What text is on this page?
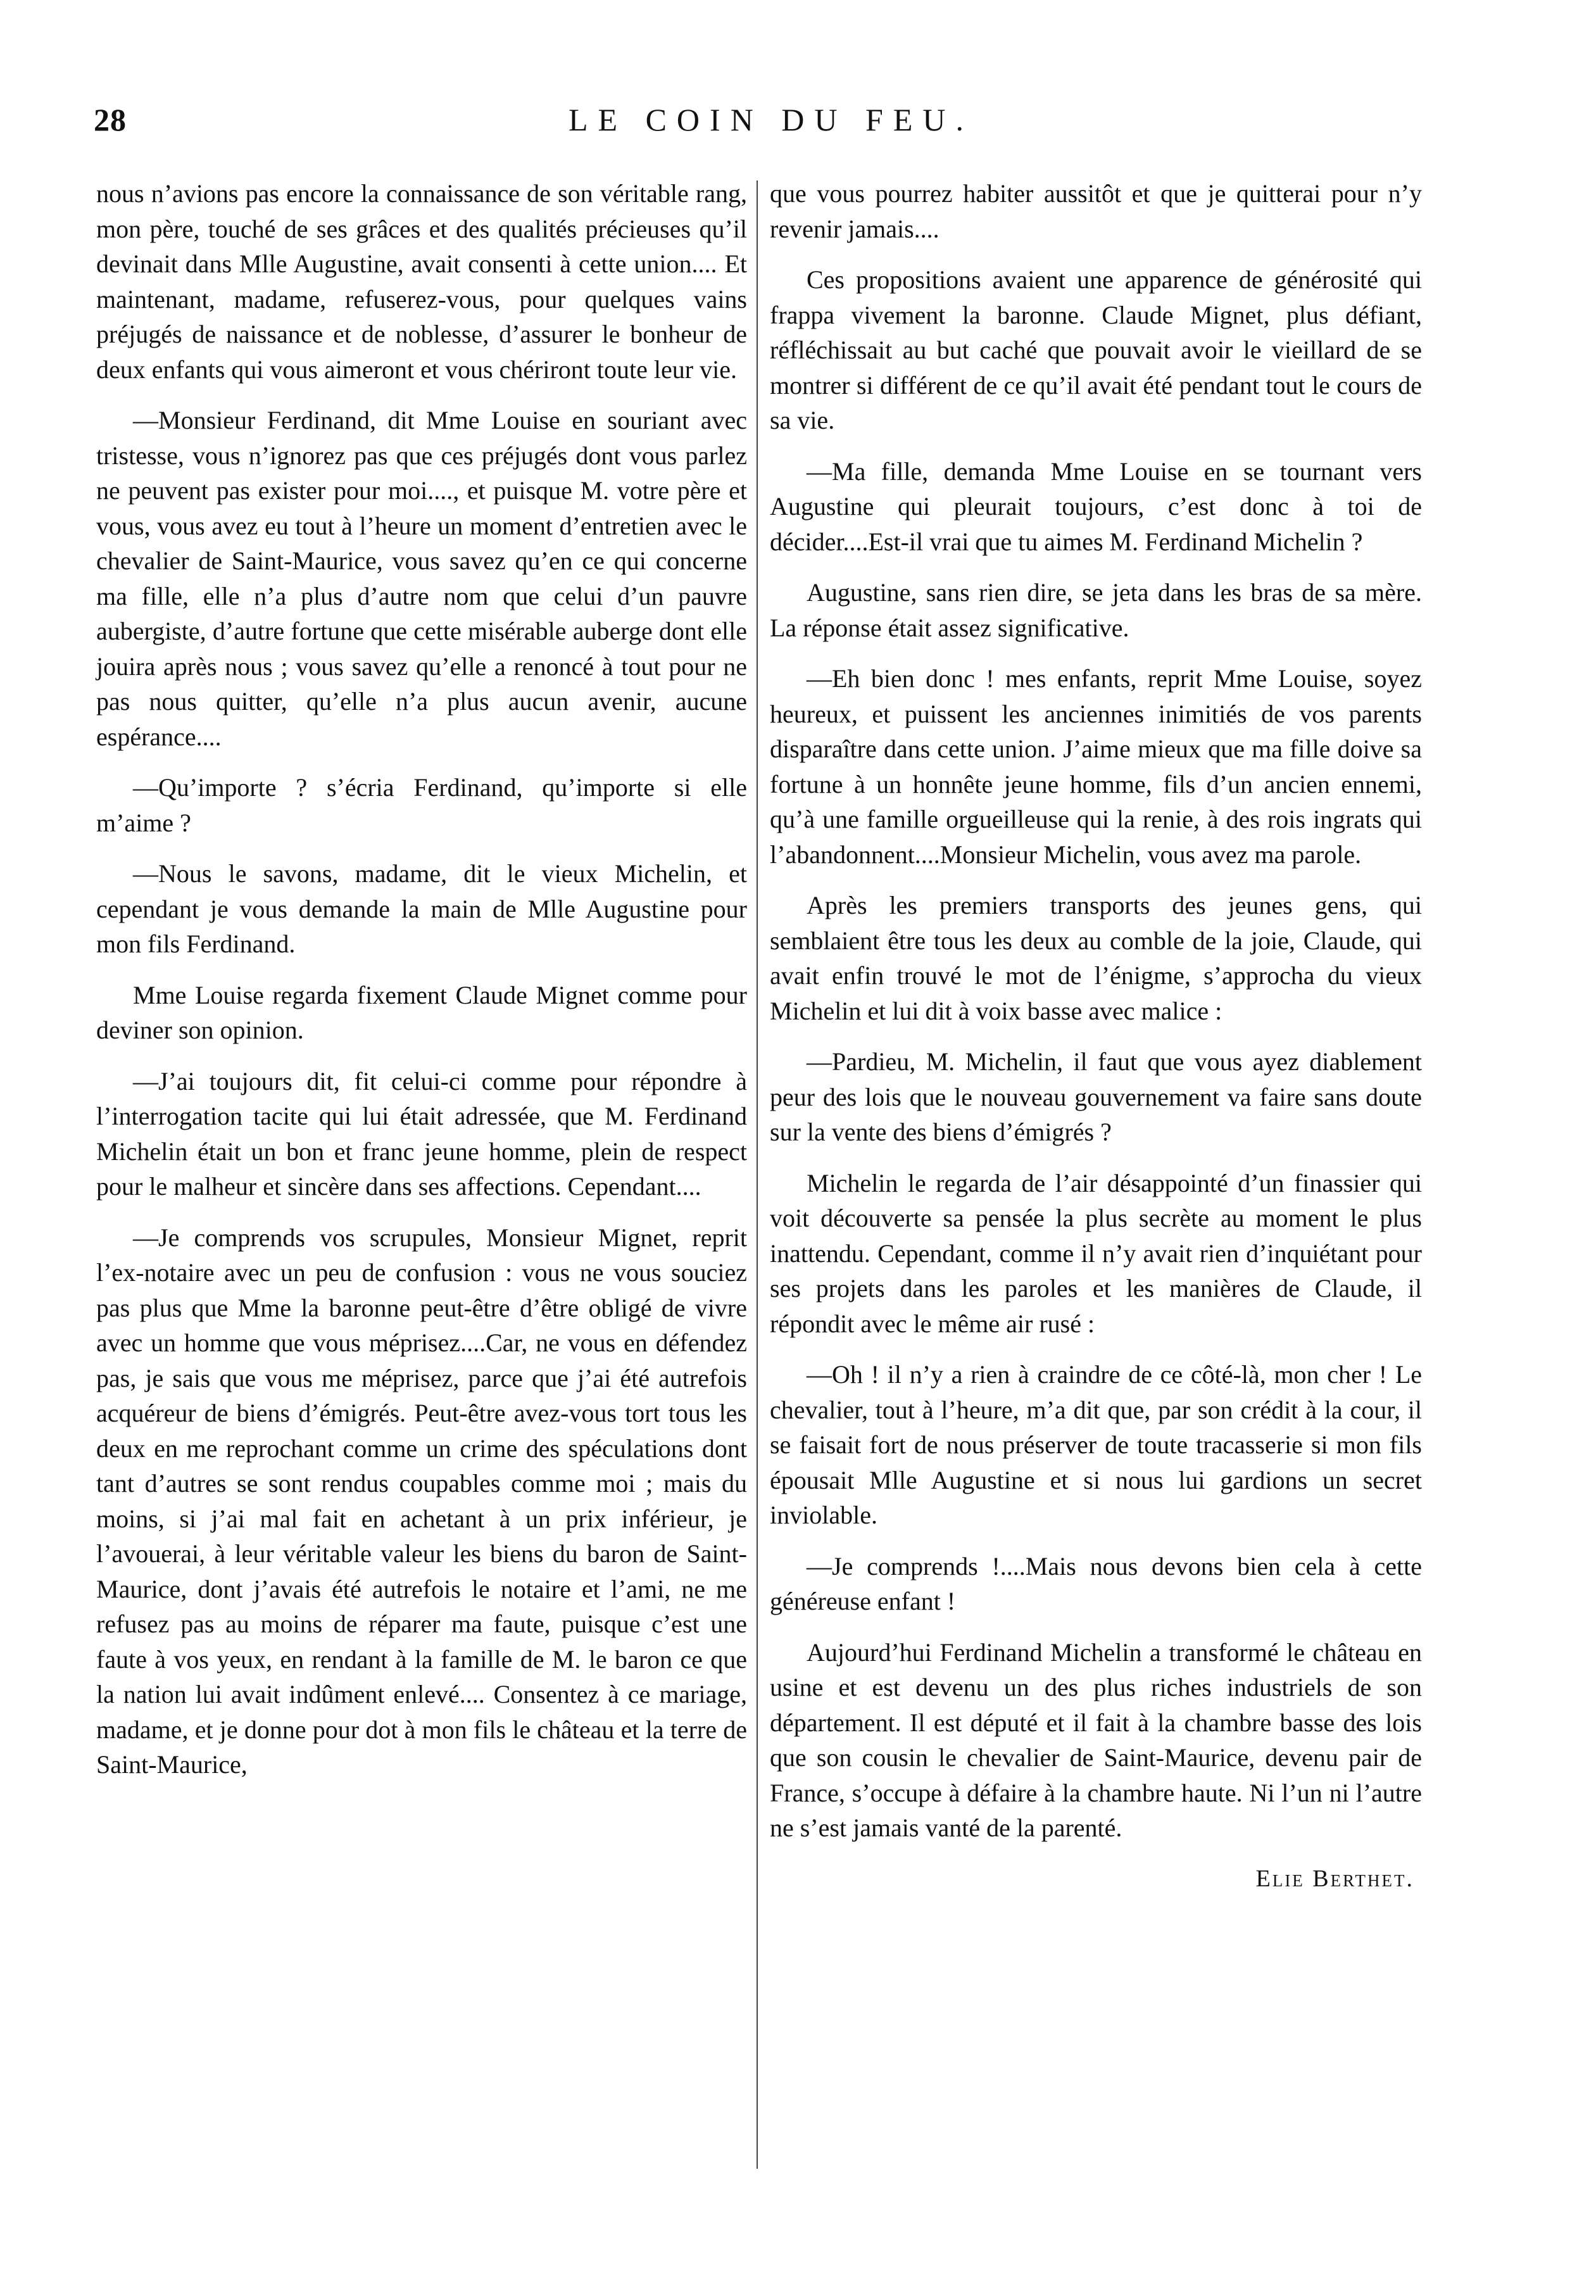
28	LE COIN DU FEU.

nous n’avions pas encore la connaissance de son véritable rang, mon père, touché de ses grâces et des qualités précieuses qu’il devinait dans Mlle Augustine, avait consenti à cette union.... Et maintenant, madame, refuserez-vous, pour quelques vains préjugés de naissance et de noblesse, d’assurer le bonheur de deux enfants qui vous aimeront et vous chériront toute leur vie.

—Monsieur Ferdinand, dit Mme Louise en souriant avec tristesse, vous n’ignorez pas que ces préjugés dont vous parlez ne peuvent pas exister pour moi...., et puisque M. votre père et vous, vous avez eu tout à l’heure un moment d’entretien avec le chevalier de Saint-Maurice, vous savez qu’en ce qui concerne ma fille, elle n’a plus d’autre nom que celui d’un pauvre aubergiste, d’autre fortune que cette misérable auberge dont elle jouira après nous ; vous savez qu’elle a renoncé à tout pour ne pas nous quitter, qu’elle n’a plus aucun avenir, aucune espérance....

—Qu’importe ? s’écria Ferdinand, qu’importe si elle m’aime ?

—Nous le savons, madame, dit le vieux Michelin, et cependant je vous demande la main de Mlle Augustine pour mon fils Ferdinand.

Mme Louise regarda fixement Claude Mignet comme pour deviner son opinion.

—J’ai toujours dit, fit celui-ci comme pour répondre à l’interrogation tacite qui lui était adressée, que M. Ferdinand Michelin était un bon et franc jeune homme, plein de respect pour le malheur et sincère dans ses affections. Cependant....

—Je comprends vos scrupules, Monsieur Mignet, reprit l’ex-notaire avec un peu de confusion : vous ne vous souciez pas plus que Mme la baronne peut-être d’être obligé de vivre avec un homme que vous méprisez....Car, ne vous en défendez pas, je sais que vous me méprisez, parce que j’ai été autrefois acquéreur de biens d’émigrés. Peut-être avez-vous tort tous les deux en me reprochant comme un crime des spéculations dont tant d’autres se sont rendus coupables comme moi ; mais du moins, si j’ai mal fait en achetant à un prix inférieur, je l’avouerai, à leur véritable valeur les biens du baron de Saint-Maurice, dont j’avais été autrefois le notaire et l’ami, ne me refusez pas au moins de réparer ma faute, puisque c’est une faute à vos yeux, en rendant à la famille de M. le baron ce que la nation lui avait indûment enlevé.... Consentez à ce mariage, madame, et je donne pour dot à mon fils le château et la terre de Saint-Maurice,

que vous pourrez habiter aussitôt et que je quitterai pour n’y revenir jamais....

Ces propositions avaient une apparence de générosité qui frappa vivement la baronne. Claude Mignet, plus défiant, réfléchissait au but caché que pouvait avoir le vieillard de se montrer si différent de ce qu’il avait été pendant tout le cours de sa vie.

—Ma fille, demanda Mme Louise en se tournant vers Augustine qui pleurait toujours, c’est donc à toi de décider....Est-il vrai que tu aimes M. Ferdinand Michelin ?

Augustine, sans rien dire, se jeta dans les bras de sa mère. La réponse était assez significative.

—Eh bien donc ! mes enfants, reprit Mme Louise, soyez heureux, et puissent les anciennes inimitiés de vos parents disparaître dans cette union. J’aime mieux que ma fille doive sa fortune à un honnête jeune homme, fils d’un ancien ennemi, qu’à une famille orgueilleuse qui la renie, à des rois ingrats qui l’abandonnent....Monsieur Michelin, vous avez ma parole.

Après les premiers transports des jeunes gens, qui semblaient être tous les deux au comble de la joie, Claude, qui avait enfin trouvé le mot de l’énigme, s’approcha du vieux Michelin et lui dit à voix basse avec malice :

—Pardieu, M. Michelin, il faut que vous ayez diablement peur des lois que le nouveau gouvernement va faire sans doute sur la vente des biens d’émigrés ?

Michelin le regarda de l’air désappointé d’un finassier qui voit découverte sa pensée la plus secrète au moment le plus inattendu. Cependant, comme il n’y avait rien d’inquiétant pour ses projets dans les paroles et les manières de Claude, il répondit avec le même air rusé :

—Oh ! il n’y a rien à craindre de ce côté-là, mon cher ! Le chevalier, tout à l’heure, m’a dit que, par son crédit à la cour, il se faisait fort de nous préserver de toute tracasserie si mon fils épousait Mlle Augustine et si nous lui gardions un secret inviolable.

—Je comprends !....Mais nous devons bien cela à cette généreuse enfant !

Aujourd’hui Ferdinand Michelin a transformé le château en usine et est devenu un des plus riches industriels de son département. Il est député et il fait à la chambre basse des lois que son cousin le chevalier de Saint-Maurice, devenu pair de France, s’occupe à défaire à la chambre haute. Ni l’un ni l’autre ne s’est jamais vanté de la parenté.

Elie Berthet.
